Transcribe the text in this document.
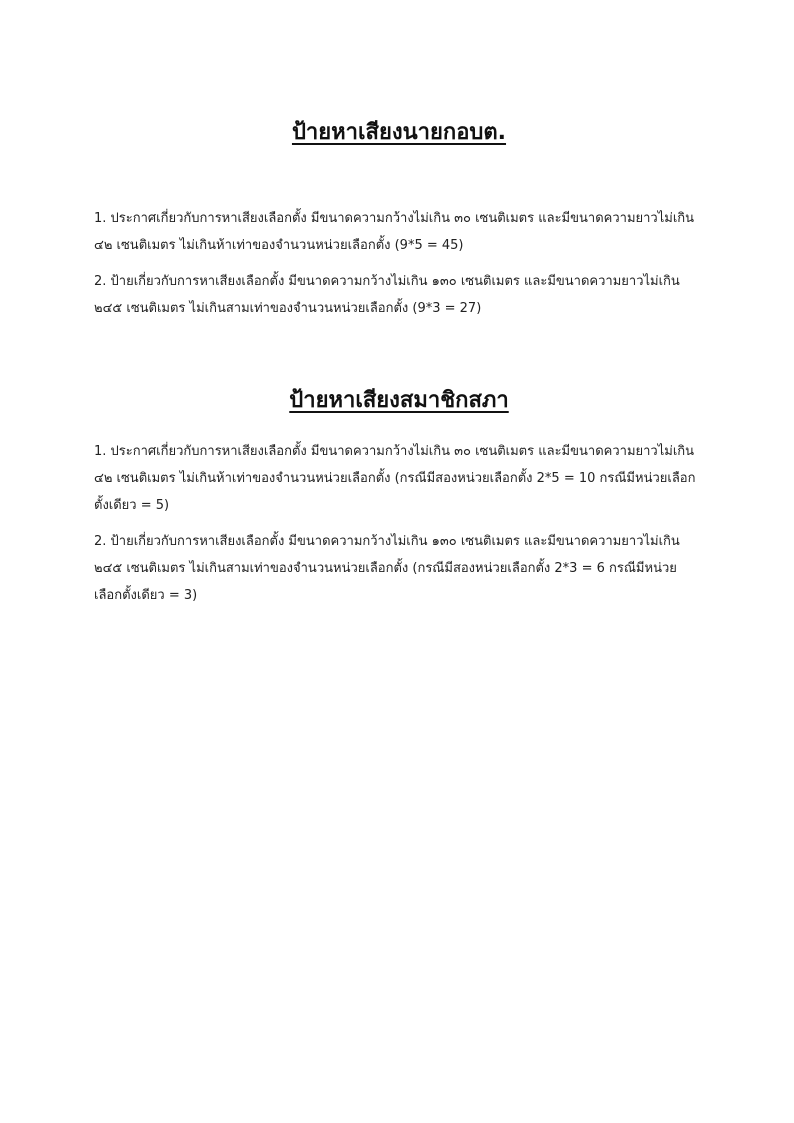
ป้ายหาเสียงนายกอบต.

1. ประกาศเกี่ยวกับการหาเสียงเลือกตั้ง มีขนาดความกว้างไม่เกิน ๓๐ เซนติเมตร และมีขนาดความยาวไม่เกิน ๔๒ เซนติเมตร ไม่เกินห้าเท่าของจำนวนหน่วยเลือกตั้ง (9*5 = 45)

2. ป้ายเกี่ยวกับการหาเสียงเลือกตั้ง มีขนาดความกว้างไม่เกิน ๑๓๐ เซนติเมตร และมีขนาดความยาวไม่เกิน ๒๔๕ เซนติเมตร ไม่เกินสามเท่าของจำนวนหน่วยเลือกตั้ง (9*3 = 27)

ป้ายหาเสียงสมาชิกสภา

1. ประกาศเกี่ยวกับการหาเสียงเลือกตั้ง มีขนาดความกว้างไม่เกิน ๓๐ เซนติเมตร และมีขนาดความยาวไม่เกิน ๔๒ เซนติเมตร ไม่เกินห้าเท่าของจำนวนหน่วยเลือกตั้ง (กรณีมีสองหน่วยเลือกตั้ง 2*5 = 10 กรณีมีหน่วยเลือกตั้งเดียว = 5)

2. ป้ายเกี่ยวกับการหาเสียงเลือกตั้ง มีขนาดความกว้างไม่เกิน ๑๓๐ เซนติเมตร และมีขนาดความยาวไม่เกิน ๒๔๕ เซนติเมตร ไม่เกินสามเท่าของจำนวนหน่วยเลือกตั้ง (กรณีมีสองหน่วยเลือกตั้ง 2*3 = 6 กรณีมีหน่วยเลือกตั้งเดียว = 3)
